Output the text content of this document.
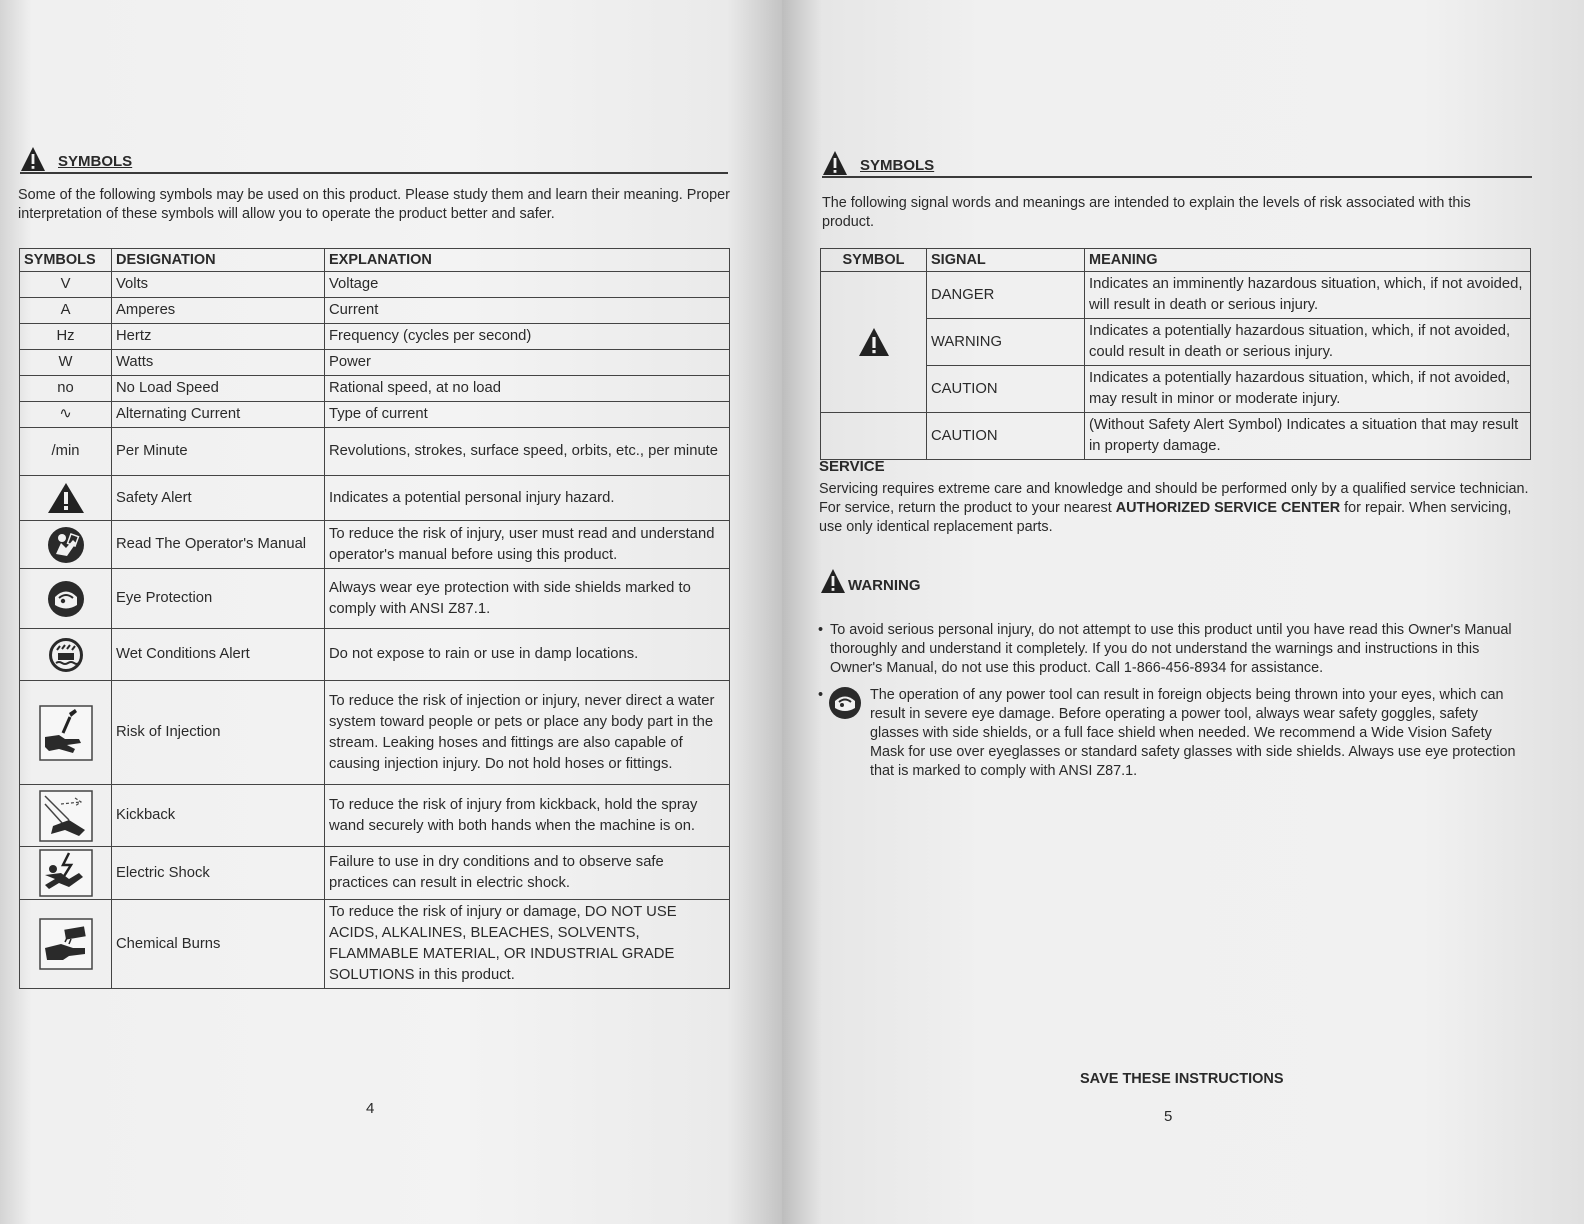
SYMBOLS
Some of the following symbols may be used on this product. Please study them and learn their meaning. Proper interpretation of these symbols will allow you to operate the product better and safer.
SYMBOLS	DESIGNATION	EXPLANATION
V	Volts	Voltage
A	Amperes	Current
Hz	Hertz	Frequency (cycles per second)
W	Watts	Power
no	No Load Speed	Rational speed, at no load
∿	Alternating Current	Type of current
/min	Per Minute	Revolutions, strokes, surface speed, orbits, etc., per minute

	Safety Alert	Indicates a potential personal injury hazard.

	Read The Operator's Manual	To reduce the risk of injury, user must read and understand operator's manual before using this product.

	Eye Protection	Always wear eye protection with side shields marked to comply with ANSI Z87.1.

	Wet Conditions Alert	Do not expose to rain or use in damp locations.

	Risk of Injection	To reduce the risk of injection or injury, never direct a water system toward people or pets or place any body part in the stream. Leaking hoses and fittings are also capable of causing injection injury. Do not hold hoses or fittings.

	Kickback	To reduce the risk of injury from kickback, hold the spray wand securely with both hands when the machine is on.

	Electric Shock	Failure to use in dry conditions and to observe safe practices can result in electric shock.

	Chemical Burns	To reduce the risk of injury or damage, DO NOT USE ACIDS, ALKALINES, BLEACHES, SOLVENTS, FLAMMABLE MATERIAL, OR INDUSTRIAL GRADE SOLUTIONS in this product.
4
SYMBOLS
The following signal words and meanings are intended to explain the levels of risk associated with this product.
SYMBOL	SIGNAL	MEANING

	DANGER	Indicates an imminently hazardous situation, which, if not avoided, will result in death or serious injury.
	WARNING	Indicates a potentially hazardous situation, which, if not avoided, could result in death or serious injury.
	CAUTION	Indicates a potentially hazardous situation, which, if not avoided, may result in minor or moderate injury.
	CAUTION	(Without Safety Alert Symbol) Indicates a situation that may result in property damage.
SERVICE
Servicing requires extreme care and knowledge and should be performed only by a qualified service technician. For service, return the product to your nearest AUTHORIZED SERVICE CENTER for repair. When servicing, use only identical replacement parts.
WARNING
• To avoid serious personal injury, do not attempt to use this product until you have read this Owner's Manual thoroughly and understand it completely. If you do not understand the warnings and instructions in this Owner's Manual, do not use this product. Call 1-866-456-8934 for assistance.
•	The operation of any power tool can result in foreign objects being thrown into your eyes, which can result in severe eye damage. Before operating a power tool, always wear safety goggles, safety glasses with side shields, or a full face shield when needed. We recommend a Wide Vision Safety Mask for use over eyeglasses or standard safety glasses with side shields. Always use eye protection that is marked to comply with ANSI Z87.1.
SAVE THESE INSTRUCTIONS
5
